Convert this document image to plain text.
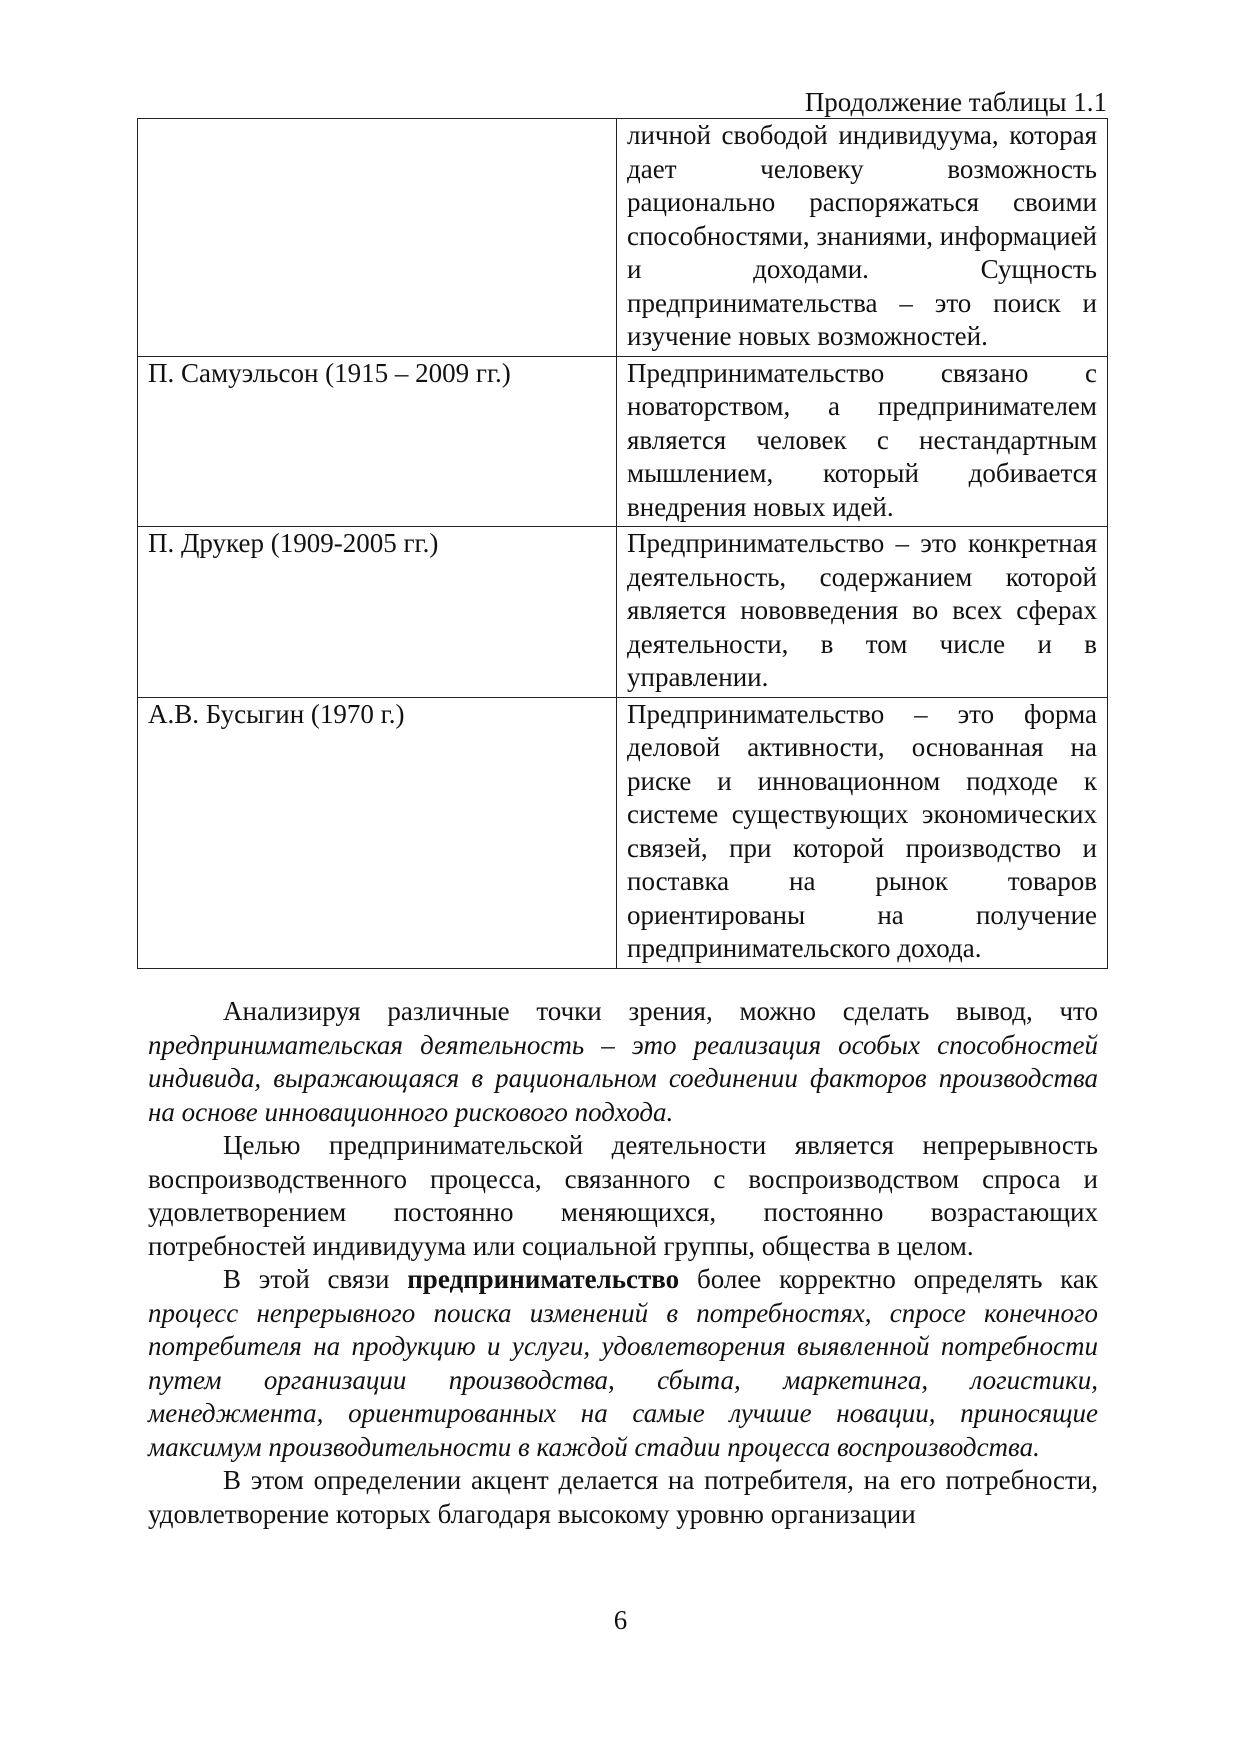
Продолжение таблицы 1.1
	личной свободой индивидуума, которая дает человеку возможность рационально распоряжаться своими способностями, знаниями, информацией и доходами. Сущность предпринимательства – это поиск и изучение новых возможностей.
П. Самуэльсон (1915 – 2009 гг.)	Предпринимательство связано с новаторством, а предпринимателем является человек с нестандартным мышлением, который добивается внедрения новых идей.
П. Друкер (1909-2005 гг.)	Предпринимательство – это конкретная деятельность, содержанием которой является нововведения во всех сферах деятельности, в том числе и в управлении.
А.В. Бусыгин (1970 г.)	Предпринимательство – это форма деловой активности, основанная на риске и инновационном подходе к системе существующих экономических связей, при которой производство и поставка на рынок товаров ориентированы на получение предпринимательского дохода.

Анализируя различные точки зрения, можно сделать вывод, что предпринимательская деятельность – это реализация особых способностей индивида, выражающаяся в рациональном соединении факторов производства на основе инновационного рискового подхода.

Целью предпринимательской деятельности является непрерывность воспроизводственного процесса, связанного с воспроизводством спроса и удовлетворением постоянно меняющихся, постоянно возрастающих потребностей индивидуума или социальной группы, общества в целом.

В этой связи предпринимательство более корректно определять как процесс непрерывного поиска изменений в потребностях, спросе конечного потребителя на продукцию и услуги, удовлетворения выявленной потребности путем организации производства, сбыта, маркетинга, логистики, менеджмента, ориентированных на самые лучшие новации, приносящие максимум производительности в каждой стадии процесса воспроизводства.

В этом определении акцент делается на потребителя, на его потребности, удовлетворение которых благодаря высокому уровню организации

6
